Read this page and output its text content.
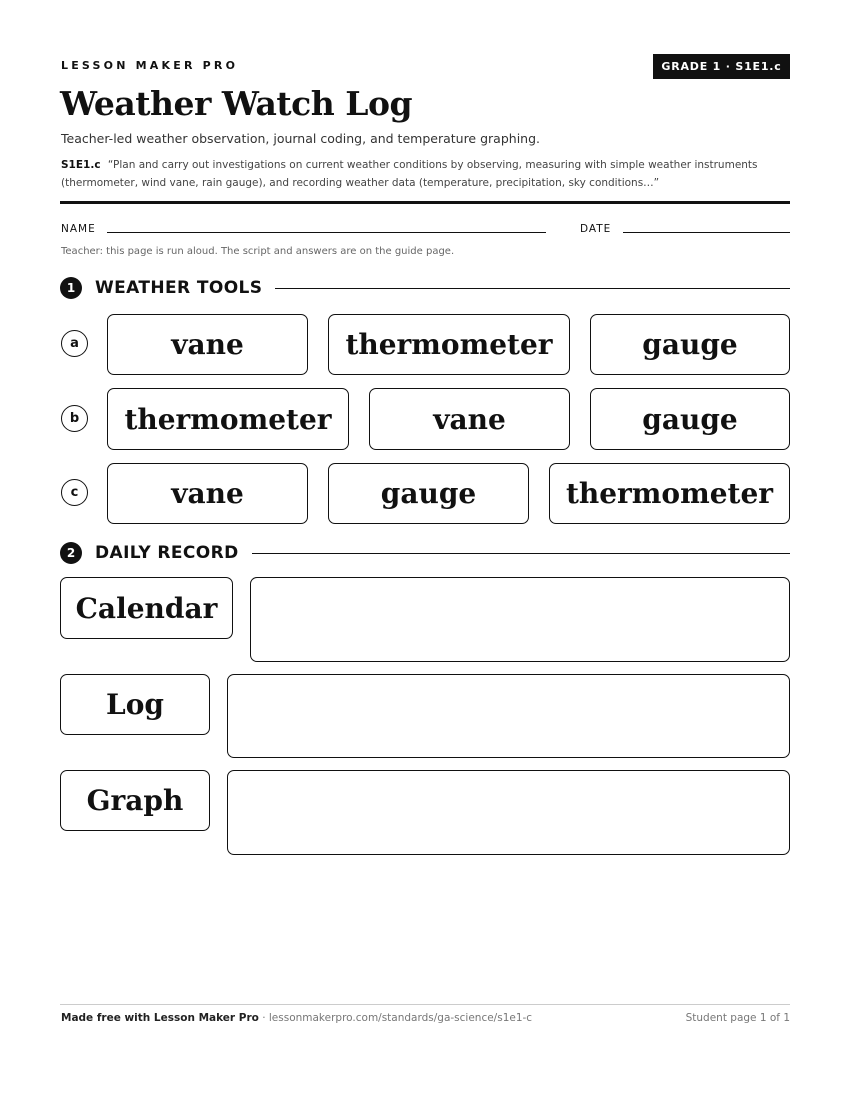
LESSON MAKER PRO	GRADE 1 · S1E1.c
Weather Watch Log
Teacher-led weather observation, journal coding, and temperature graphing.
S1E1.c “Plan and carry out investigations on current weather conditions by observing, measuring with simple weather instruments (thermometer, wind vane, rain gauge), and recording weather data (temperature, precipitation, sky conditions…”
NAME	DATE
Teacher: this page is run aloud. The script and answers are on the guide page.
1	WEATHER TOOLS
a	vane	thermometer	gauge
b	thermometer	vane	gauge
c	vane	gauge	thermometer
2	DAILY RECORD
Calendar
Log
Graph
Made free with Lesson Maker Pro · lessonmakerpro.com/standards/ga-science/s1e1-c	Student page 1 of 1
